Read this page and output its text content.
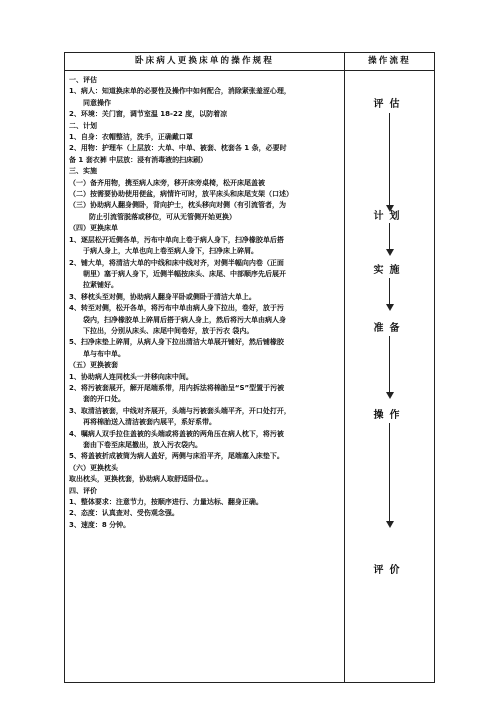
卧床病人更换床单的操作规程	操作流程
一、评估
1、病人：知道换床单的必要性及操作中如何配合，消除紧张羞涩心理，
同意操作
2、环境：关门窗，调节室温 18-22 度，以防着凉
二、计划
1、自身：衣帽整洁，洗手，正确戴口罩
2、用物：护理车（上层放：大单、中单、被套、枕套各 1 条，必要时
备 1 套衣裤 中层放：浸有消毒液的扫床刷）
三、实施
（一）备齐用物，携至病人床旁，移开床旁桌椅，松开床尾盖被
（二）按需要协助使用便盆，病情许可时，放平床头和床尾支架（口述）
（三）协助病人翻身侧卧，背向护士，枕头移向对侧（有引流管者，为
防止引流管脱落或移位，可从无管侧开始更换）
（四）更换床单
1、逐层松开近侧各单，污布中单向上卷于病人身下，扫净橡胶单后搭
于病人身上，大单也向上卷至病人身下，扫净床上碎屑。
2、铺大单，将清洁大单的中线和床中线对齐，对侧半幅向内卷（正面
朝里）塞于病人身下，近侧半幅按床头、床尾、中部顺序先后展开
拉紧铺好。
3、移枕头至对侧，协助病人翻身平卧或侧卧于清洁大单上。
4、转至对侧，松开各单，将污布中单由病人身下拉出，卷好，放于污
袋内，扫净橡胶单上碎屑后搭于病人身上，然后将污大单由病人身
下拉出，分别从床头、床尾中间卷好，放于污衣 袋内。
5、扫净床垫上碎屑，从病人身下拉出清洁大单展开铺好，然后铺橡胶
单与布中单。
（五）更换被套
1、协助病人连同枕头一并移向床中间。
2、将污被套展开，解开尾端系带，用内拆法将棉胎呈“S”型置于污被
套的开口处。
3、取清洁被套，中线对齐展开，头端与污被套头端平齐，开口处打开，
再将棉胎送入清洁被套内展平，系好系带。
4、嘱病人双手拉住盖被的头端或将盖被的两角压在病人枕下，将污被
套由下卷至床尾撤出，放入污衣袋内。
5、将盖被折成被筒为病人盖好，两侧与床沿平齐，尾端塞入床垫下。
（六）更换枕头
取出枕头，更换枕套，协助病人取舒适卧位。。
四、评价
1、整体要求：注意节力，按顺序进行、力量达标、翻身正确。
2、态度：认真查对、受伤观念强。
3、速度：8 分钟。
评估
计划
实施
准备
操作
评价
